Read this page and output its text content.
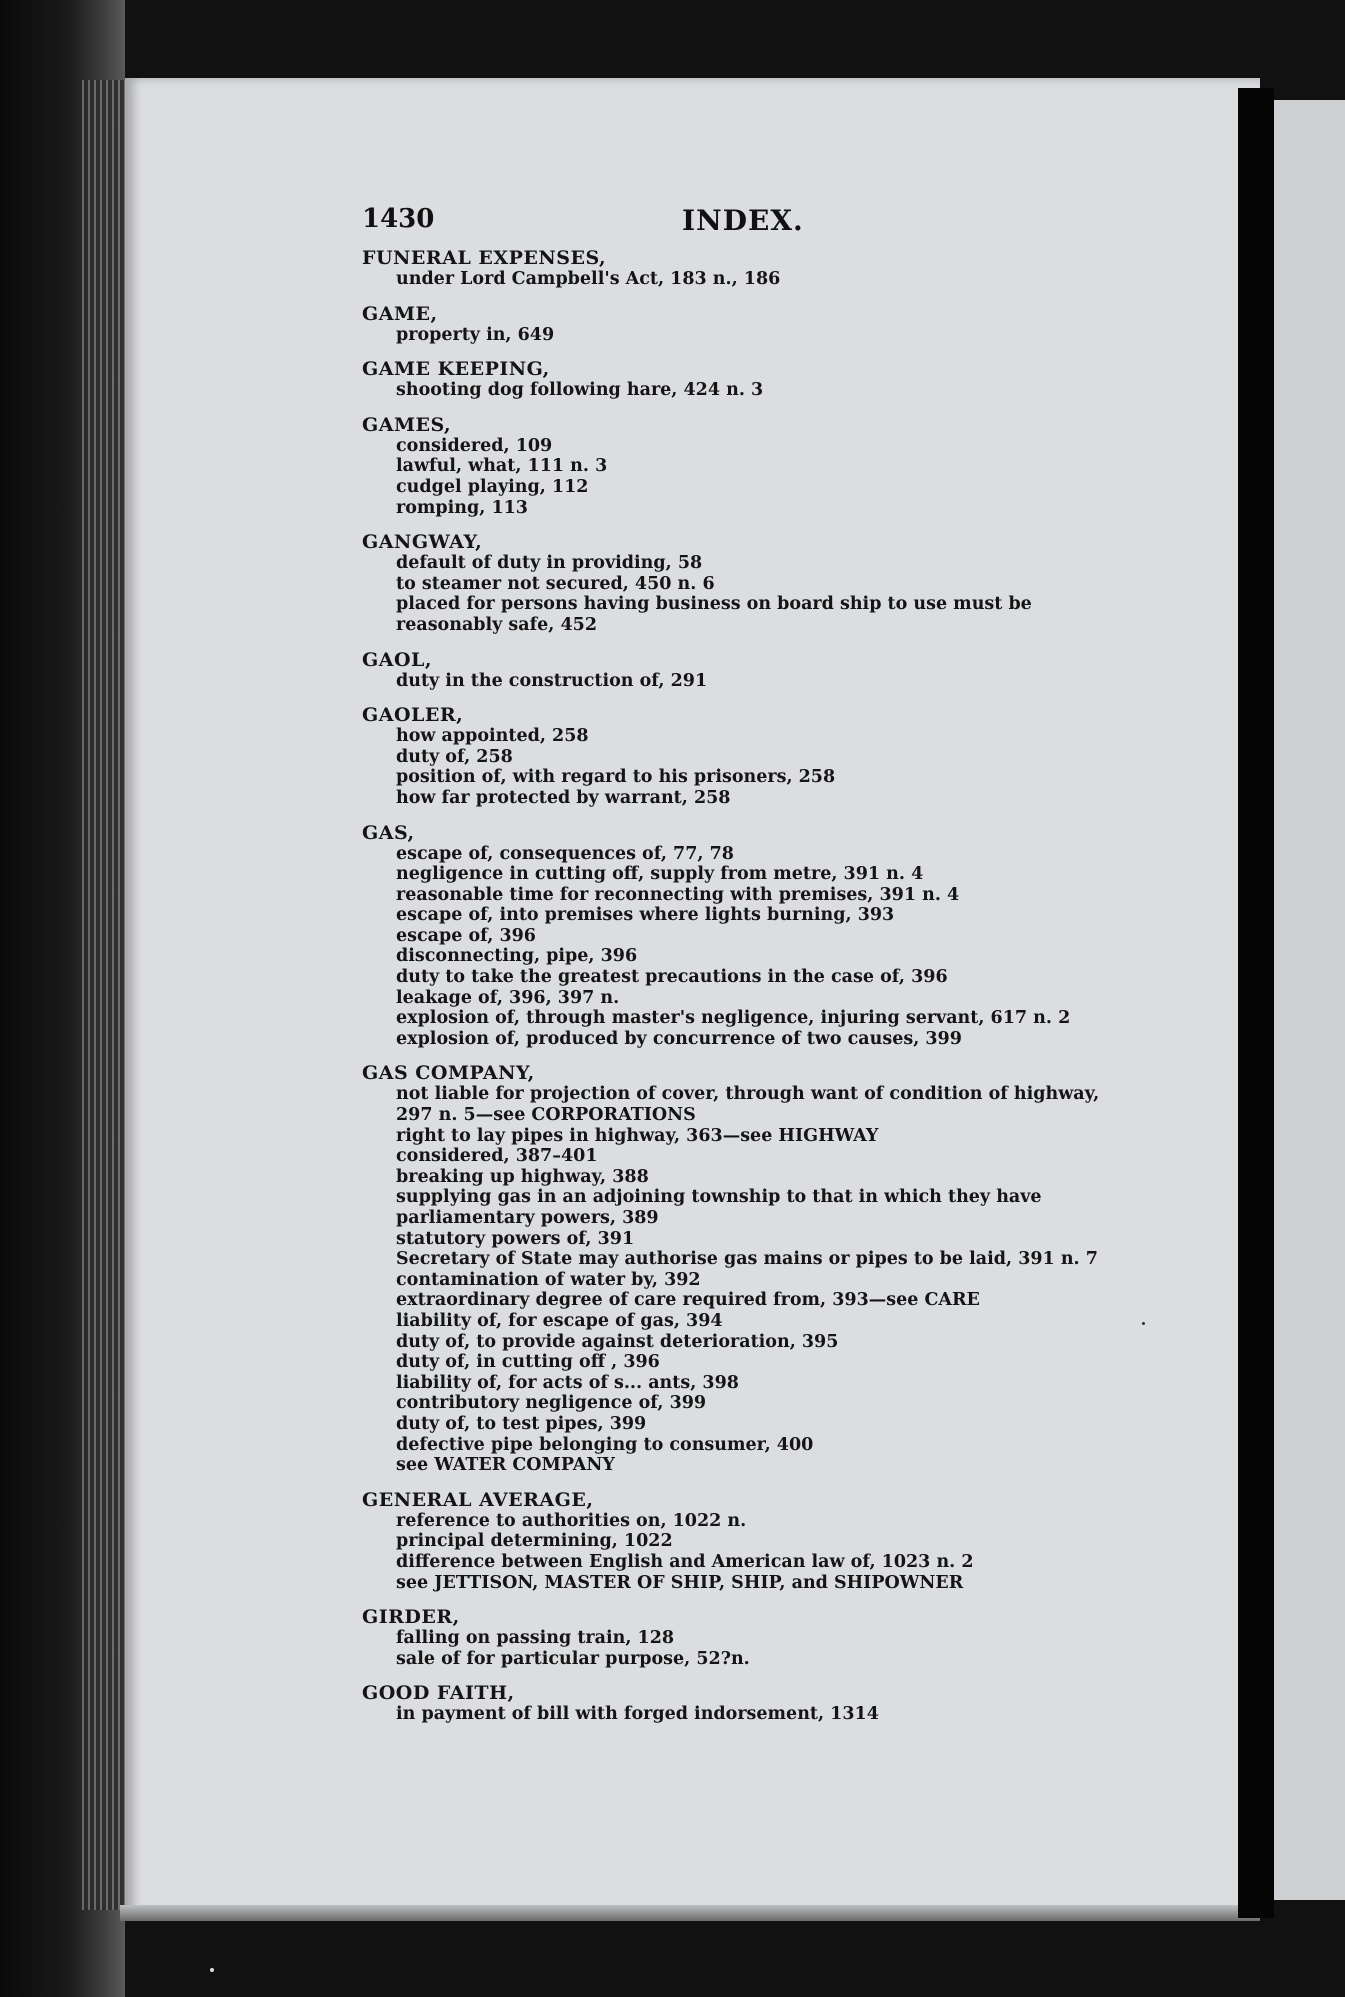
1430	INDEX.
FUNERAL EXPENSES,
under Lord Campbell's Act, 183 n., 186
GAME,
property in, 649
GAME KEEPING,
shooting dog following hare, 424 n. 3
GAMES,
considered, 109
lawful, what, 111 n. 3
cudgel playing, 112
romping, 113
GANGWAY,
default of duty in providing, 58
to steamer not secured, 450 n. 6
placed for persons having business on board ship to use must be reasonably safe, 452
GAOL,
duty in the construction of, 291
GAOLER,
how appointed, 258
duty of, 258
position of, with regard to his prisoners, 258
how far protected by warrant, 258
GAS,
escape of, consequences of, 77, 78
negligence in cutting off, supply from metre, 391 n. 4
reasonable time for reconnecting with premises, 391 n. 4
escape of, into premises where lights burning, 393
escape of, 396
disconnecting, pipe, 396
duty to take the greatest precautions in the case of, 396
leakage of, 396, 397 n.
explosion of, through master's negligence, injuring servant, 617 n. 2
explosion of, produced by concurrence of two causes, 399
GAS COMPANY,
not liable for projection of cover, through want of condition of highway, 297 n. 5—see CORPORATIONS
right to lay pipes in highway, 363—see HIGHWAY
considered, 387–401
breaking up highway, 388
supplying gas in an adjoining township to that in which they have parliamentary powers, 389
statutory powers of, 391
Secretary of State may authorise gas mains or pipes to be laid, 391 n. 7
contamination of water by, 392
extraordinary degree of care required from, 393—see CARE
liability of, for escape of gas, 394
duty of, to provide against deterioration, 395
duty of, in cutting off , 396
liability of, for acts of s... ants, 398
contributory negligence of, 399
duty of, to test pipes, 399
defective pipe belonging to consumer, 400
see WATER COMPANY
GENERAL AVERAGE,
reference to authorities on, 1022 n.
principal determining, 1022
difference between English and American law of, 1023 n. 2
see JETTISON, MASTER OF SHIP, SHIP, and SHIPOWNER
GIRDER,
falling on passing train, 128
sale of for particular purpose, 52?n.
GOOD FAITH,
in payment of bill with forged indorsement, 1314
